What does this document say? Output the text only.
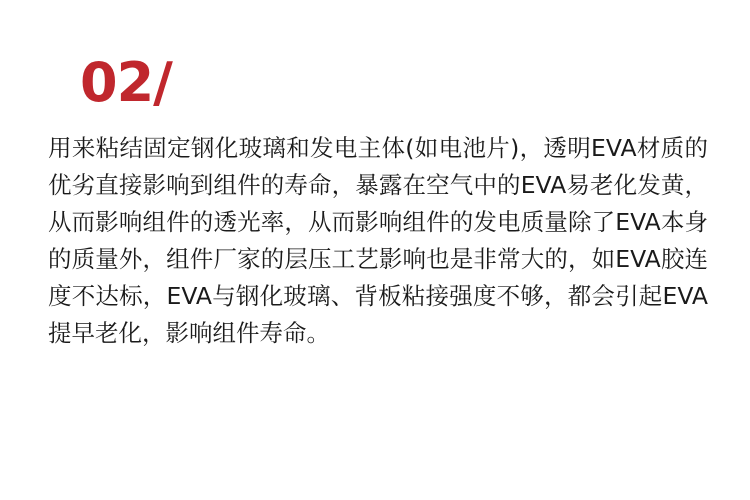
02/
用来粘结固定钢化玻璃和发电主体(如电池片)，透明EVA材质的优劣直接影响到组件的寿命，暴露在空气中的EVA易老化发黄，从而影响组件的透光率，从而影响组件的发电质量除了EVA本身的质量外，组件厂家的层压工艺影响也是非常大的，如EVA胶连度不达标，EVA与钢化玻璃、背板粘接强度不够，都会引起EVA提早老化，影响组件寿命。
